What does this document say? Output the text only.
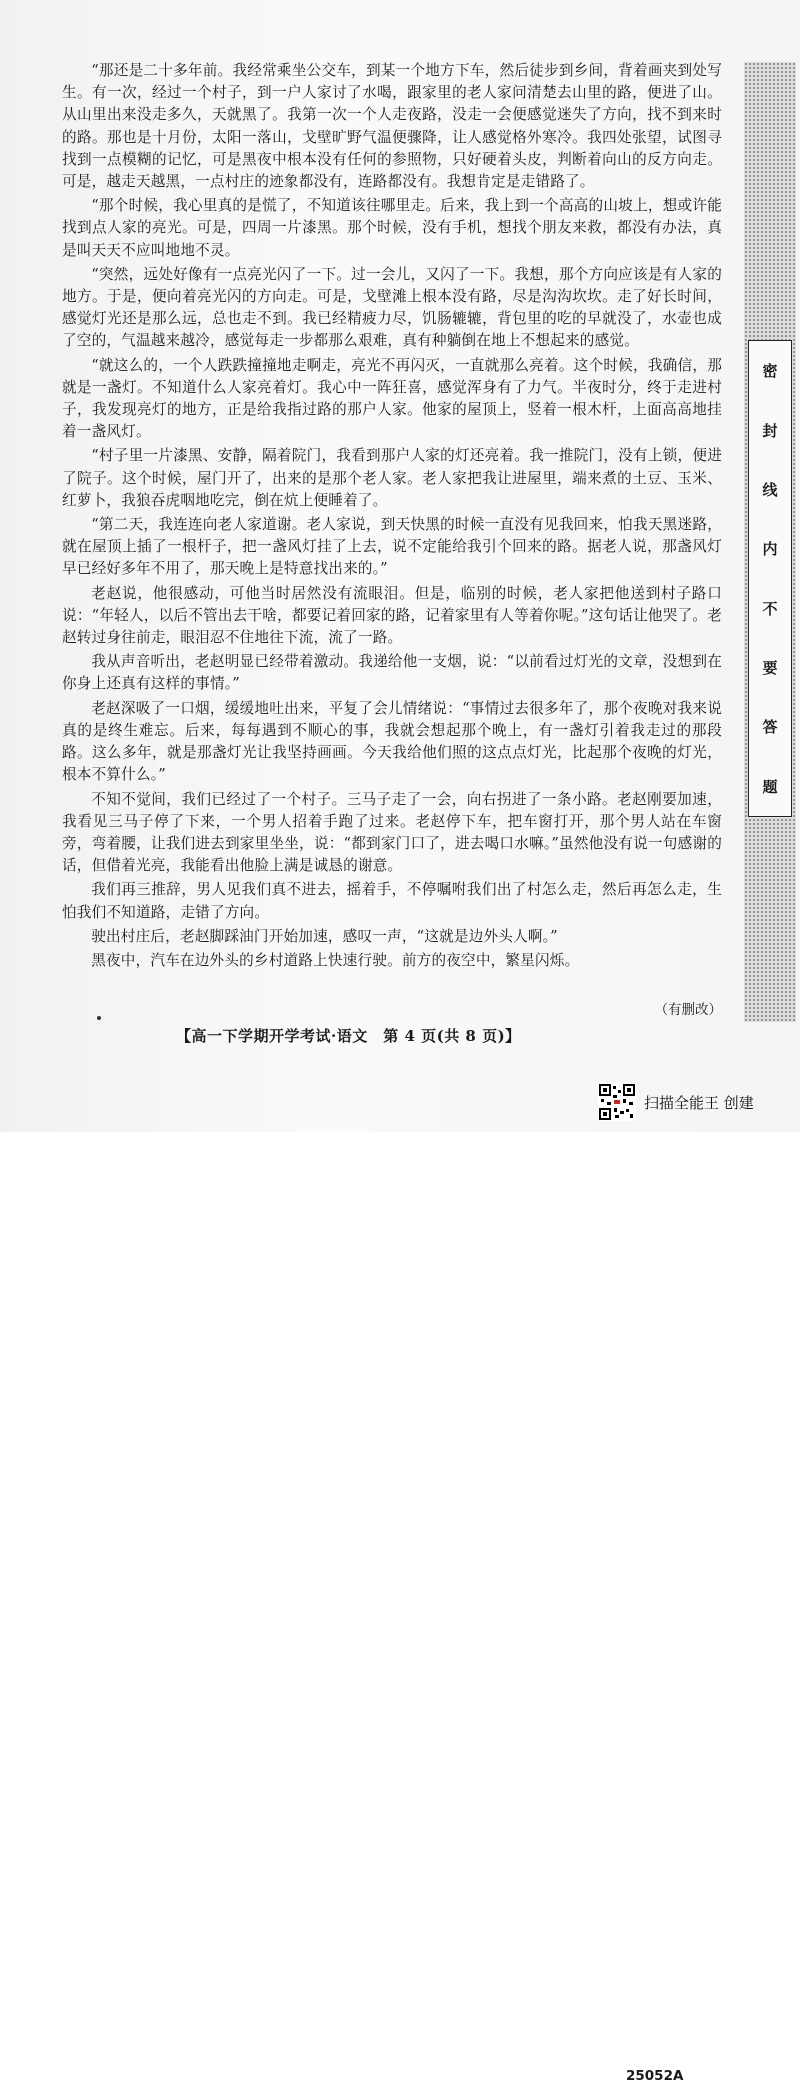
“那还是二十多年前。我经常乘坐公交车，到某一个地方下车，然后徒步到乡间，背着画夹到处写生。有一次，经过一个村子，到一户人家讨了水喝，跟家里的老人家问清楚去山里的路，便进了山。从山里出来没走多久，天就黑了。我第一次一个人走夜路，没走一会便感觉迷失了方向，找不到来时的路。那也是十月份，太阳一落山，戈壁旷野气温便骤降，让人感觉格外寒冷。我四处张望，试图寻找到一点模糊的记忆，可是黑夜中根本没有任何的参照物，只好硬着头皮，判断着向山的反方向走。可是，越走天越黑，一点村庄的迹象都没有，连路都没有。我想肯定是走错路了。

“那个时候，我心里真的是慌了，不知道该往哪里走。后来，我上到一个高高的山坡上，想或许能找到点人家的亮光。可是，四周一片漆黑。那个时候，没有手机，想找个朋友来救，都没有办法，真是叫天天不应叫地地不灵。

“突然，远处好像有一点亮光闪了一下。过一会儿，又闪了一下。我想，那个方向应该是有人家的地方。于是，便向着亮光闪的方向走。可是，戈壁滩上根本没有路，尽是沟沟坎坎。走了好长时间，感觉灯光还是那么远，总也走不到。我已经精疲力尽，饥肠辘辘，背包里的吃的早就没了，水壶也成了空的，气温越来越冷，感觉每走一步都那么艰难，真有种躺倒在地上不想起来的感觉。

“就这么的，一个人跌跌撞撞地走啊走，亮光不再闪灭，一直就那么亮着。这个时候，我确信，那就是一盏灯。不知道什么人家亮着灯。我心中一阵狂喜，感觉浑身有了力气。半夜时分，终于走进村子，我发现亮灯的地方，正是给我指过路的那户人家。他家的屋顶上，竖着一根木杆，上面高高地挂着一盏风灯。

“村子里一片漆黑、安静，隔着院门，我看到那户人家的灯还亮着。我一推院门，没有上锁，便进了院子。这个时候，屋门开了，出来的是那个老人家。老人家把我让进屋里，端来煮的土豆、玉米、红萝卜，我狼吞虎咽地吃完，倒在炕上便睡着了。

“第二天，我连连向老人家道谢。老人家说，到天快黑的时候一直没有见我回来，怕我天黑迷路，就在屋顶上插了一根杆子，把一盏风灯挂了上去，说不定能给我引个回来的路。据老人说，那盏风灯早已经好多年不用了，那天晚上是特意找出来的。”

老赵说，他很感动，可他当时居然没有流眼泪。但是，临别的时候，老人家把他送到村子路口说：“年轻人，以后不管出去干啥，都要记着回家的路，记着家里有人等着你呢。”这句话让他哭了。老赵转过身往前走，眼泪忍不住地往下流，流了一路。

我从声音听出，老赵明显已经带着激动。我递给他一支烟，说：“以前看过灯光的文章，没想到在你身上还真有这样的事情。”

老赵深吸了一口烟，缓缓地吐出来，平复了会儿情绪说：“事情过去很多年了，那个夜晚对我来说真的是终生难忘。后来，每每遇到不顺心的事，我就会想起那个晚上，有一盏灯引着我走过的那段路。这么多年，就是那盏灯光让我坚持画画。今天我给他们照的这点点灯光，比起那个夜晚的灯光，根本不算什么。”

不知不觉间，我们已经过了一个村子。三马子走了一会，向右拐进了一条小路。老赵刚要加速，我看见三马子停了下来，一个男人招着手跑了过来。老赵停下车，把车窗打开，那个男人站在车窗旁，弯着腰，让我们进去到家里坐坐，说：“都到家门口了，进去喝口水嘛。”虽然他没有说一句感谢的话，但借着光亮，我能看出他脸上满是诚恳的谢意。

我们再三推辞，男人见我们真不进去，摇着手，不停嘱咐我们出了村怎么走，然后再怎么走，生怕我们不知道路，走错了方向。

驶出村庄后，老赵脚踩油门开始加速，感叹一声，“这就是边外头人啊。”

黑夜中，汽车在边外头的乡村道路上快速行驶。前方的夜空中，繁星闪烁。

（有删改）
【高一下学期开学考试·语文　第 4 页(共 8 页)】
25052A
密
封
线
内
不
要
答
题
扫描全能王 创建
